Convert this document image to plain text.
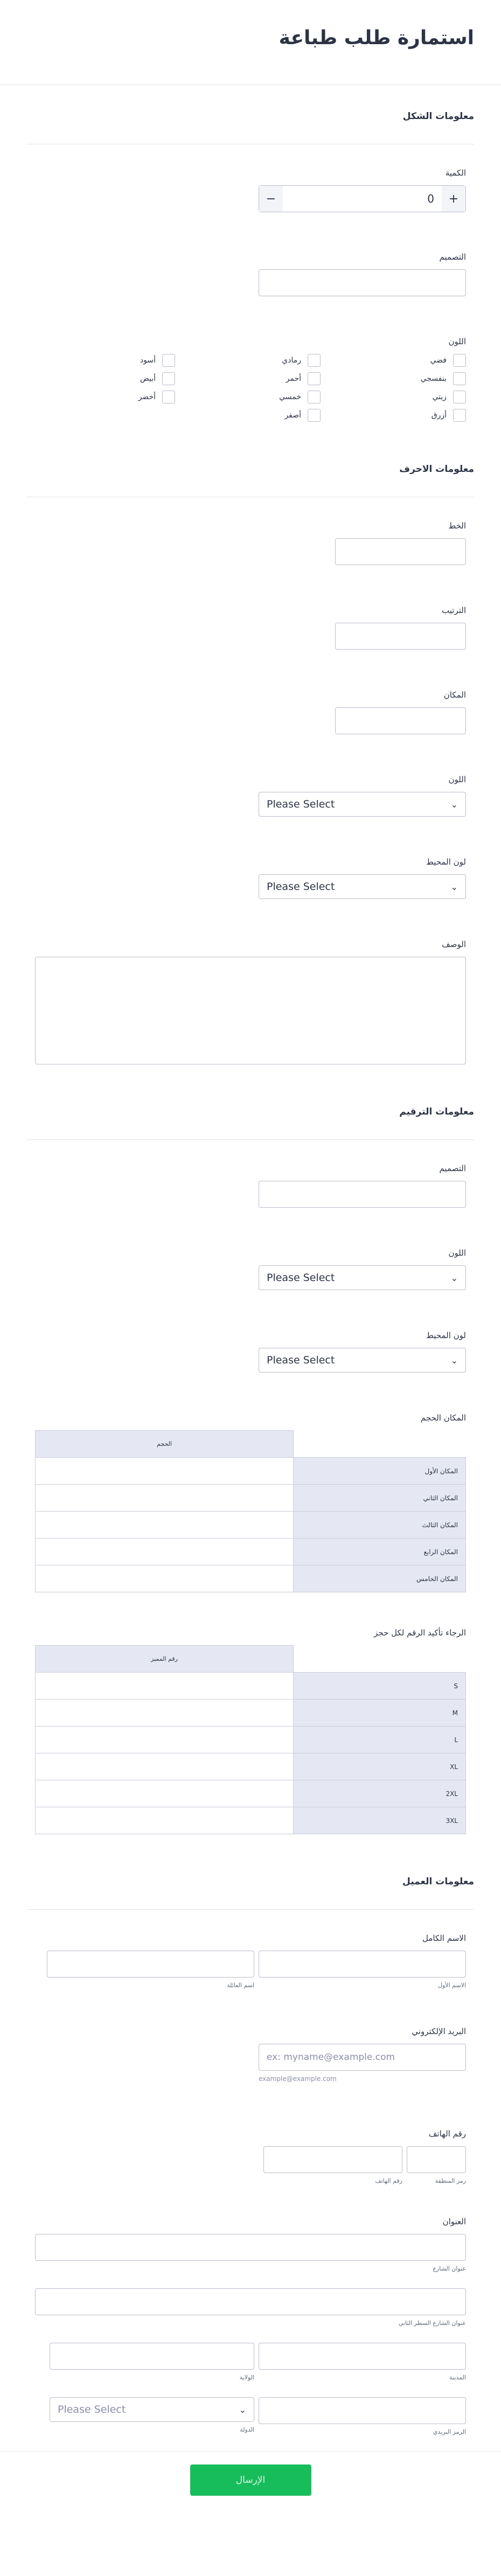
استمارة طلب طباعة
معلومات الشكل
الكمية
−	0	+
التصميم
اللون
فضي
رمادي
أسود
بنفسجي
أحمر
أبيض
زيتي
خمسي
أخضر
أزرق
أصفر
معلومات الاحرف
الخط
الترتيب
المكان
اللون
Please Select	⌄
لون المحيط
Please Select	⌄
الوصف
معلومات الترقيم
التصميم
اللون
Please Select	⌄
لون المحيط
Please Select	⌄
المكان الحجم
	الحجم
المكان الأول	
المكان الثاني	
المكان الثالث	
المكان الرابع	
المكان الخامس	
الرجاء تأكيد الرقم لكل حجز
	رقم المميز
S	
M	
L	
XL	
2XL	
3XL	
معلومات العميل
الاسم الكامل
الاسم الأول
اسم العائلة
البريد الإلكتروني
ex: myname@example.com
example@example.com
رقم الهاتف
رمز المنطقة
رقم الهاتف
العنوان
عنوان الشارع
عنوان الشارع السطر الثاني
المدينة
الولاية
الرمز البريدي
Please Select	⌄
الدولة
الإرسال
